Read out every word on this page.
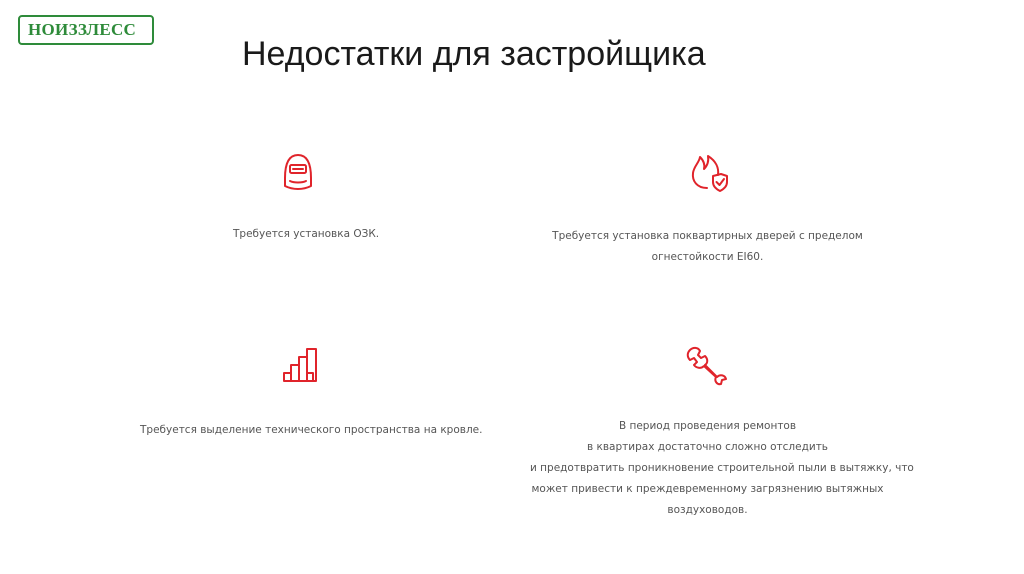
НОИЗЗЛЕСС
Недостатки для застройщика
Требуется установка ОЗК.	Требуется установка поквартирных дверей с пределом
огнестойкости EI60.
Требуется выделение технического пространства на кровле.	В период проведения ремонтов
в квартирах достаточно сложно отследить
и предотвратить проникновение строительной пыли в вытяжку, что
может привести к преждевременному загрязнению вытяжных
воздуховодов.
